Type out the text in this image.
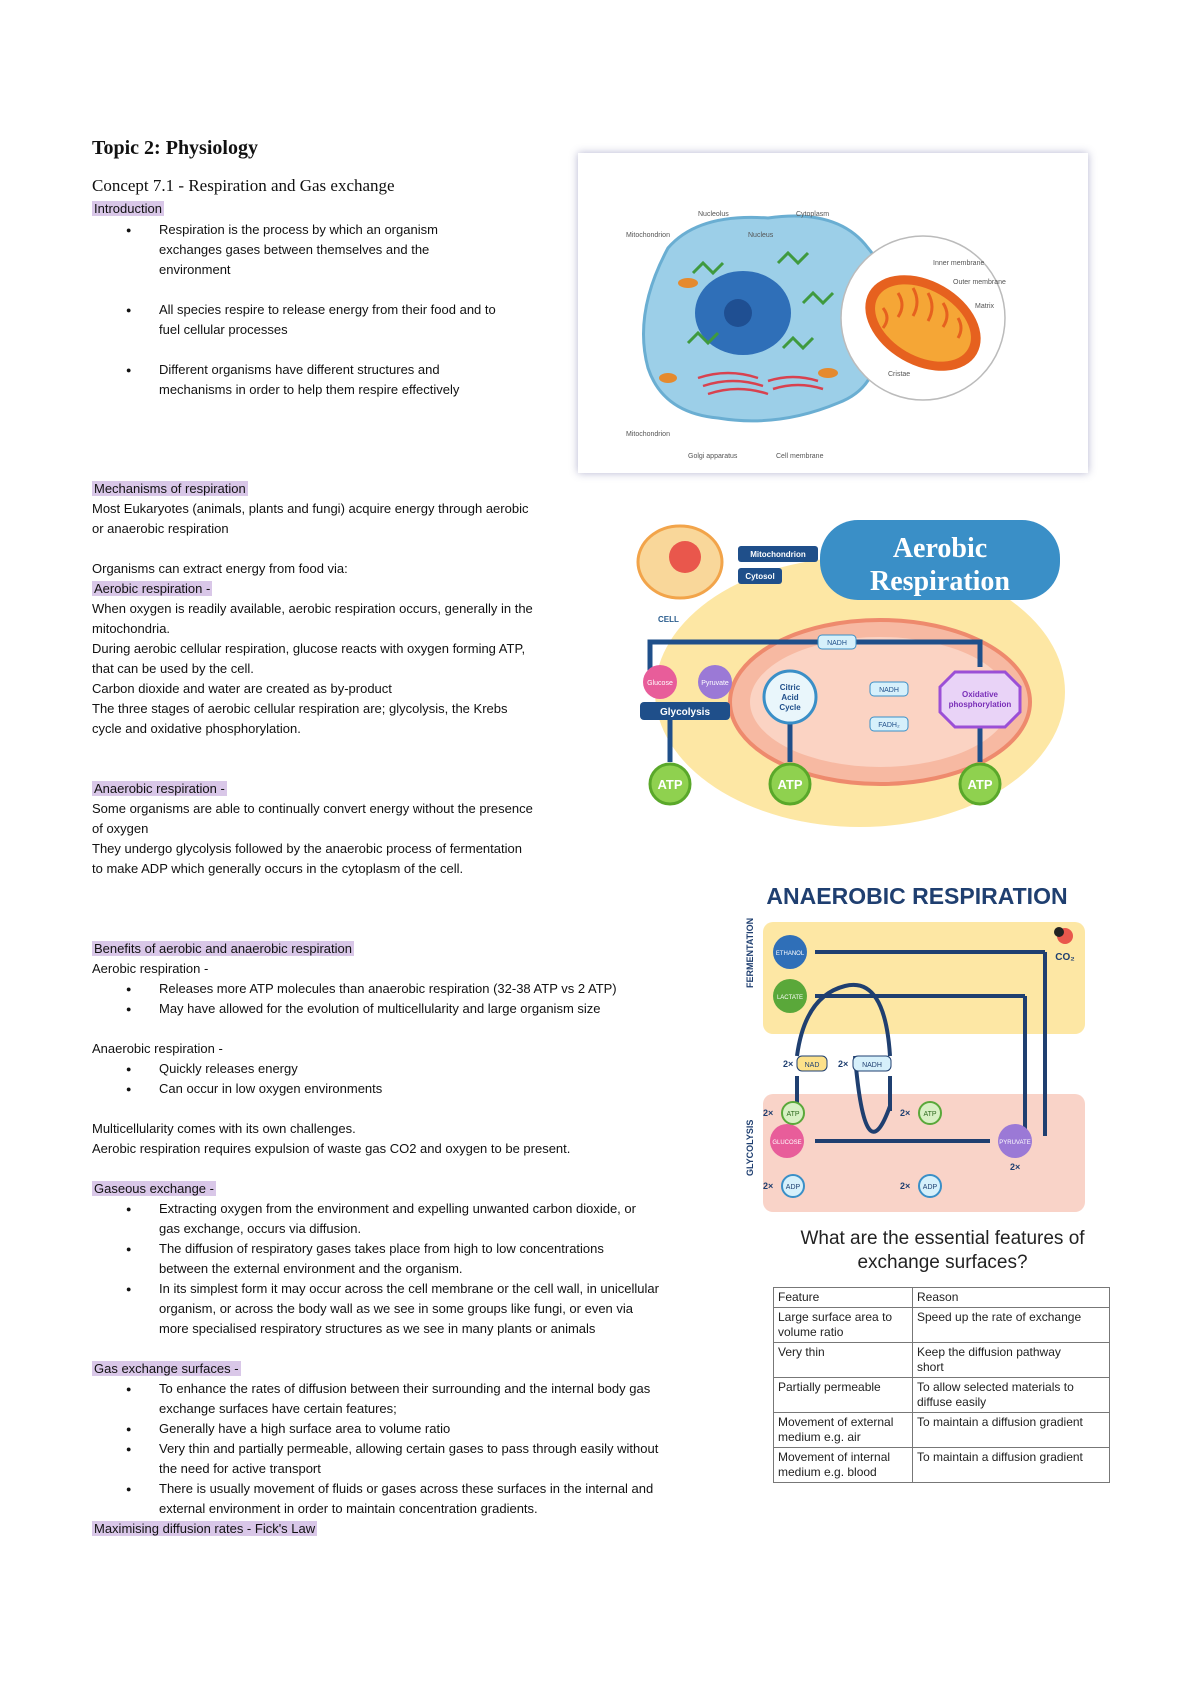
Topic 2: Physiology
Concept 7.1 - Respiration and Gas exchange
Introduction
● Respiration is the process by which an organism
exchanges gases between themselves and the
environment
● All species respire to release energy from their food and to
fuel cellular processes
● Different organisms have different structures and
mechanisms in order to help them respire effectively
Mechanisms of respiration
Most Eukaryotes (animals, plants and fungi) acquire energy through aerobic
or anaerobic respiration
Organisms can extract energy from food via:
Aerobic respiration -
When oxygen is readily available, aerobic respiration occurs, generally in the
mitochondria.
During aerobic cellular respiration, glucose reacts with oxygen forming ATP,
that can be used by the cell.
Carbon dioxide and water are created as by-product
The three stages of aerobic cellular respiration are; glycolysis, the Krebs
cycle and oxidative phosphorylation.
Anaerobic respiration -
Some organisms are able to continually convert energy without the presence
of oxygen
They undergo glycolysis followed by the anaerobic process of fermentation
to make ADP which generally occurs in the cytoplasm of the cell.
Benefits of aerobic and anaerobic respiration
Aerobic respiration -
● Releases more ATP molecules than anaerobic respiration (32-38 ATP vs 2 ATP)
● May have allowed for the evolution of multicellularity and large organism size
Anaerobic respiration -
● Quickly releases energy
● Can occur in low oxygen environments
Multicellularity comes with its own challenges.
Aerobic respiration requires expulsion of waste gas CO2 and oxygen to be present.
Gaseous exchange -
● Extracting oxygen from the environment and expelling unwanted carbon dioxide, or
gas exchange, occurs via diffusion.
● The diffusion of respiratory gases takes place from high to low concentrations
between the external environment and the organism.
● In its simplest form it may occur across the cell membrane or the cell wall, in unicellular
organism, or across the body wall as we see in some groups like fungi, or even via
more specialised respiratory structures as we see in many plants or animals
Gas exchange surfaces -
● To enhance the rates of diffusion between their surrounding and the internal body gas
exchange surfaces have certain features;
● Generally have a high surface area to volume ratio
● Very thin and partially permeable, allowing certain gases to pass through easily without
the need for active transport
● There is usually movement of fluids or gases across these surfaces in the internal and
external environment in order to maintain concentration gradients.
Maximising diffusion rates - Fick's Law
Nucleolus	Cytoplasm
Mitochondrion	Nucleus
Inner membrane
Outer membrane
Matrix
Cristae
Mitochondrion
Golgi apparatus	Cell membrane
Aerobic
Respiration
CELL
Mitochondrion
Cytosol
Glucose	Pyruvate
Glycolysis
Citric
Acid
Cycle
NADH
NADH
FADH₂
Oxidative
phosphorylation
ATP	ATP	ATP
ANAEROBIC RESPIRATION
FERMENTATION
GLYCOLYSIS
ETHANOL
LACTATE
CO₂
2× NAD 2× NADH
GLUCOSE	PYRUVATE
2×
2× ATP	2× ATP
2× ADP	2× ADP
What are the essential features of
exchange surfaces?
Feature	Reason
Large surface area to
volume ratio	Speed up the rate of exchange
Very thin	Keep the diffusion pathway
short
Partially permeable	To allow selected materials to
diffuse easily
Movement of external
medium e.g. air	To maintain a diffusion gradient
Movement of internal
medium e.g. blood	To maintain a diffusion gradient
